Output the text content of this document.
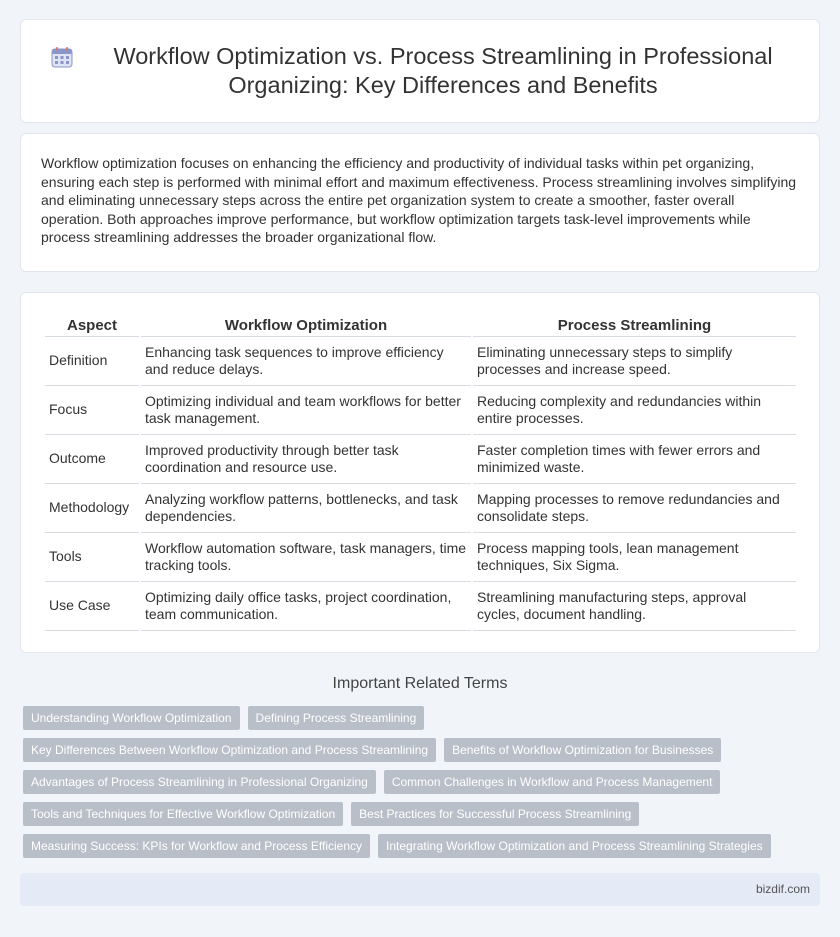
Workflow Optimization vs. Process Streamlining in Professional Organizing: Key Differences and Benefits

Workflow optimization focuses on enhancing the efficiency and productivity of individual tasks within pet organizing, ensuring each step is performed with minimal effort and maximum effectiveness. Process streamlining involves simplifying and eliminating unnecessary steps across the entire pet organization system to create a smoother, faster overall operation. Both approaches improve performance, but workflow optimization targets task-level improvements while process streamlining addresses the broader organizational flow.

Aspect	Workflow Optimization	Process Streamlining
Definition	Enhancing task sequences to improve efficiency and reduce delays.	Eliminating unnecessary steps to simplify processes and increase speed.
Focus	Optimizing individual and team workflows for better task management.	Reducing complexity and redundancies within entire processes.
Outcome	Improved productivity through better task coordination and resource use.	Faster completion times with fewer errors and minimized waste.
Methodology	Analyzing workflow patterns, bottlenecks, and task dependencies.	Mapping processes to remove redundancies and consolidate steps.
Tools	Workflow automation software, task managers, time tracking tools.	Process mapping tools, lean management techniques, Six Sigma.
Use Case	Optimizing daily office tasks, project coordination, team communication.	Streamlining manufacturing steps, approval cycles, document handling.
Important Related Terms
Understanding Workflow Optimization	Defining Process Streamlining
Key Differences Between Workflow Optimization and Process Streamlining	Benefits of Workflow Optimization for Businesses
Advantages of Process Streamlining in Professional Organizing	Common Challenges in Workflow and Process Management
Tools and Techniques for Effective Workflow Optimization	Best Practices for Successful Process Streamlining
Measuring Success: KPIs for Workflow and Process Efficiency	Integrating Workflow Optimization and Process Streamlining Strategies
bizdif.com
